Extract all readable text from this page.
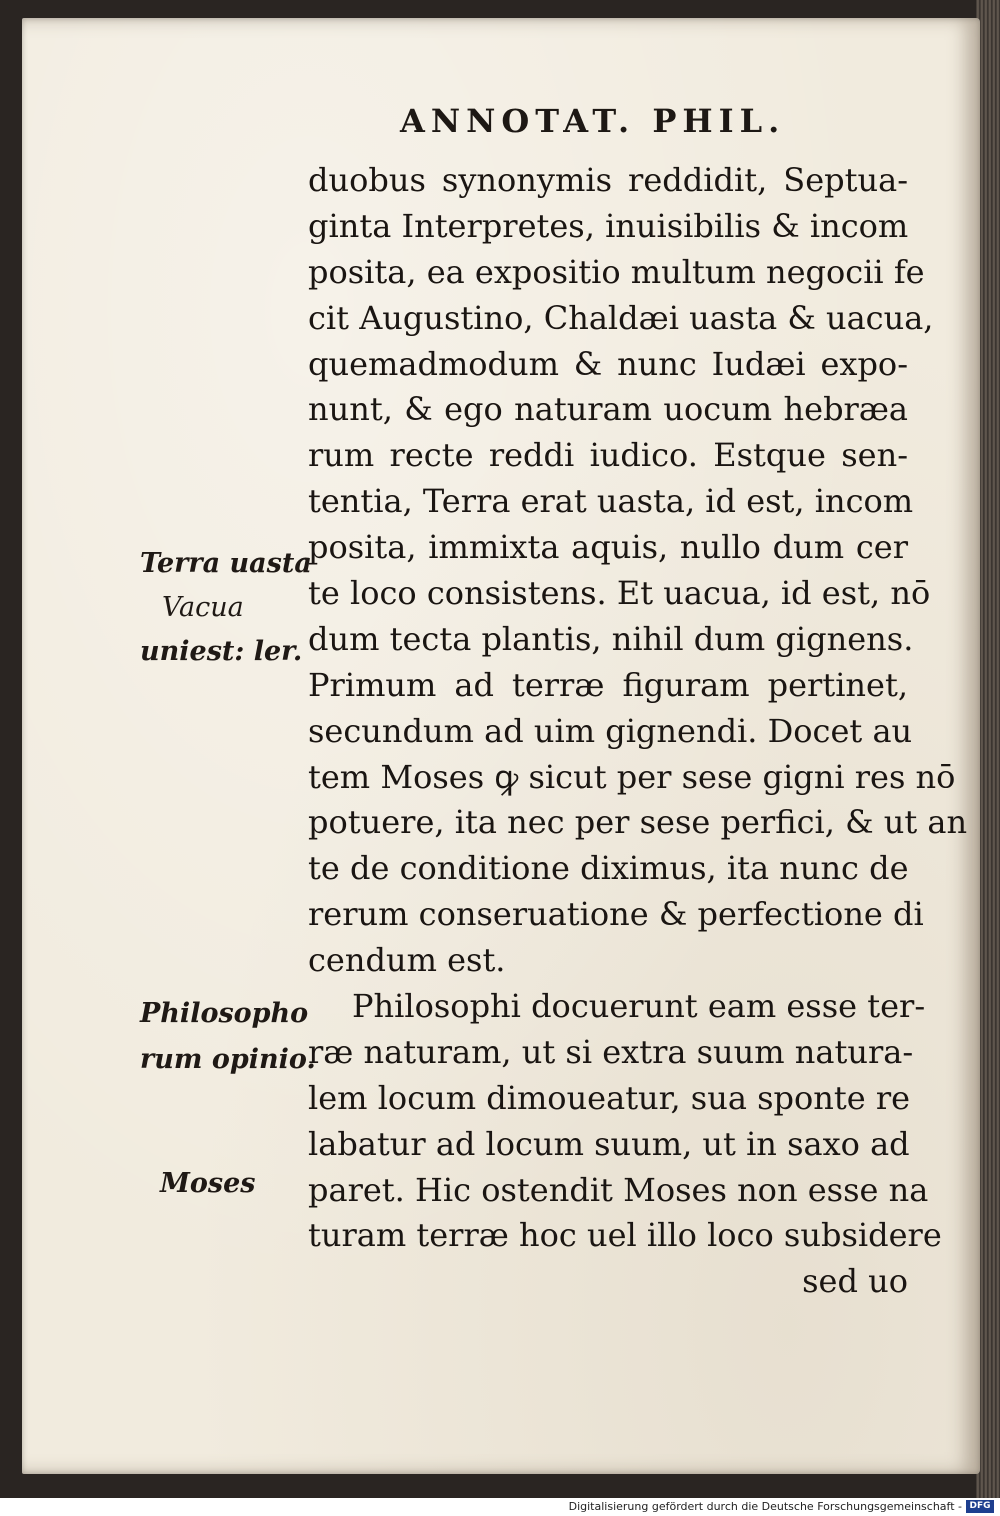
ANNOTAT. PHIL.
duobus synonymis reddidit, Septua-
ginta Interpretes, inuisibilis & incom
posita, ea expositio multum negocii fe
cit Augustino, Chaldæi uasta & uacua,
quemadmodum & nunc Iudæi expo-
nunt, & ego naturam uocum hebræa
rum recte reddi iudico. Estque sen-
tentia, Terra erat uasta, id est, incom
posita, immixta aquis, nullo dum cer
te loco consistens. Et uacua, id est, nō
dum tecta plantis, nihil dum gignens.
Primum ad terræ figuram pertinet,
secundum ad uim gignendi. Docet au
tem Moses ꝙ sicut per sese gigni res nō
potuere, ita nec per sese perfici, & ut an
te de conditione diximus, ita nunc de
rerum conseruatione & perfectione di
cendum est.
Philosophi docuerunt eam esse ter-
ræ naturam, ut si extra suum natura-
lem locum dimoueatur, sua sponte re
labatur ad locum suum, ut in saxo ad
paret. Hic ostendit Moses non esse na
turam terræ hoc uel illo loco subsidere
sed uo
Terra uasta
Vacua
uniest: ler.
Philosopho
rum opinio.
Moses
Digitalisierung gefördert durch die Deutsche Forschungsgemeinschaft - DFG
